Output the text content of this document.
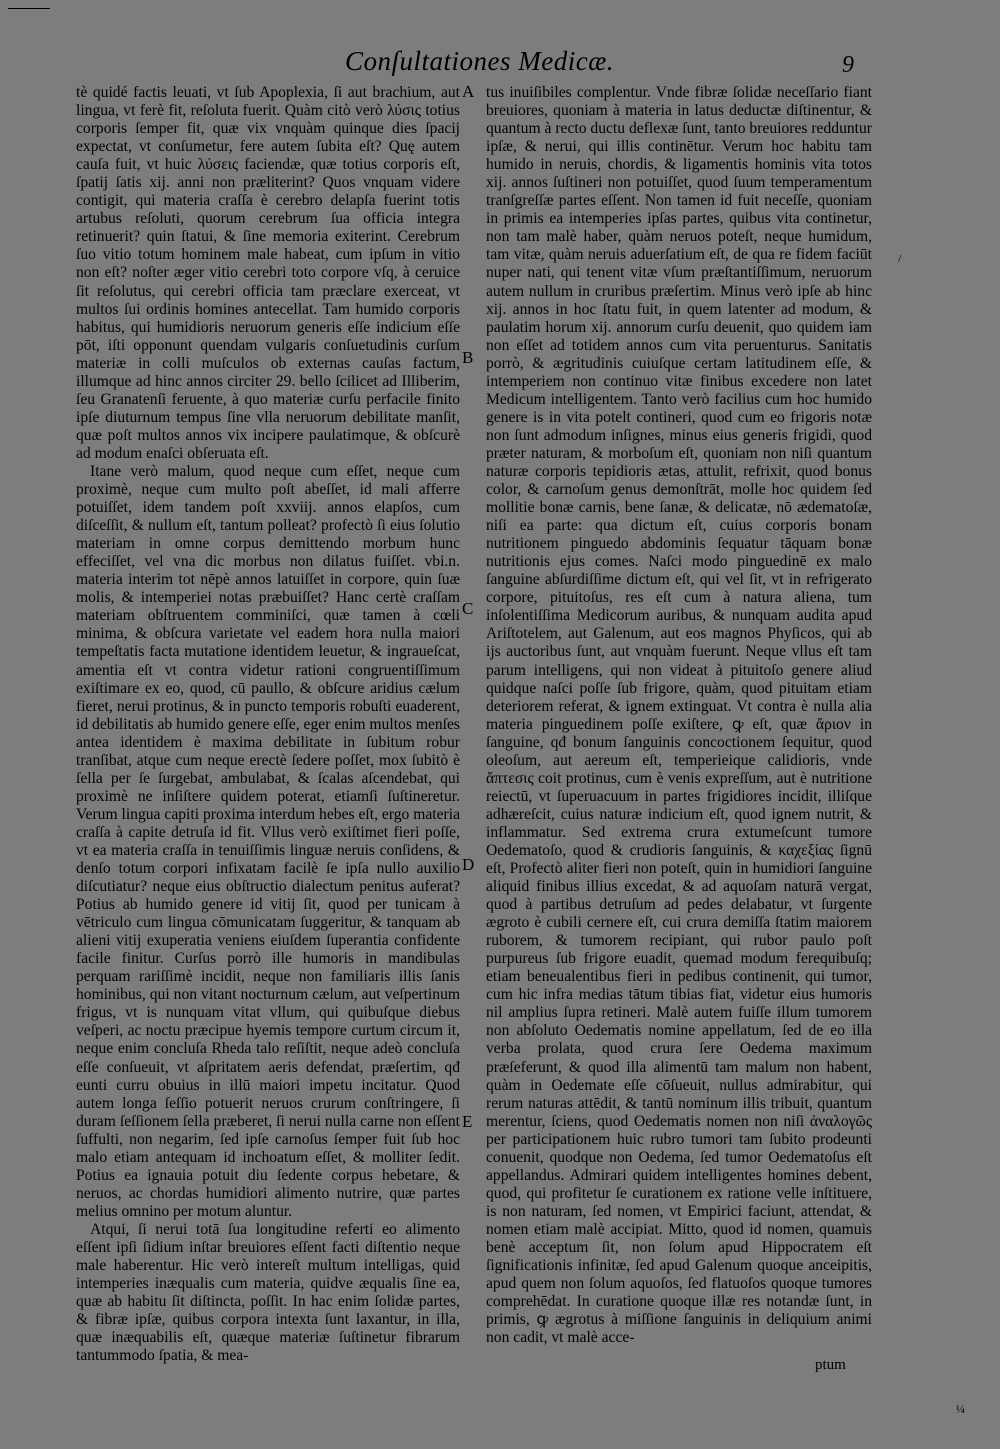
Conſultationes Medicæ.	9

tè quidé factis leuati, vt ſub Apoplexia, ſi aut brachium, aut lingua, vt ferè fit, reſoluta fuerit. Quàm citò verò λύσις totius corporis ſemper fit, quæ vix vnquàm quinque dies ſpacij expectat, vt conſumetur, fere autem ſubita eſt? Quę autem cauſa fuit, vt huic λύσεις faciendæ, quæ totius corporis eſt, ſpatij ſatis xij. anni non præliterint? Quos vnquam videre contigit, qui materia craſſa è cerebro delapſa fuerint totis artubus reſoluti, quorum cerebrum ſua officia integra retinuerit? quin ſtatui, & ſine memoria exiterint. Cerebrum ſuo vitio totum hominem male habeat, cum ipſum in vitio non eſt? noſter æger vitio cerebri toto corpore vſq, à ceruice ſit reſolutus, qui cerebri officia tam præclare exerceat, vt multos ſui ordinis homines antecellat. Tam humido corporis habitus, qui humidioris neruorum generis eſſe indicium eſſe pōt, iſti opponunt quendam vulgaris conſuetudinis curſum materiæ in colli muſculos ob externas cauſas factum, illumque ad hinc annos circiter 29. bello ſcilicet ad Illiberim, ſeu Granatenſi feruente, à quo materiæ curſu perfacile finito ipſe diuturnum tempus ſine vlla neruorum debilitate manſit, quæ poſt multos annos vix incipere paulatimque, & obſcurè ad modum enaſci obſeruata eſt.

Itane verò malum, quod neque cum eſſet, neque cum proximè, neque cum multo poſt abeſſet, id mali afferre potuiſſet, idem tandem poſt xxviij. annos elapſos, cum diſceſſit, & nullum eſt, tantum polleat? profectò ſi eius ſolutio materiam in omne corpus demittendo morbum hunc effeciſſet, vel vna dic morbus non dilatus fuiſſet. vbi.n. materia interim tot nēpè annos latuiſſet in corpore, quin ſuæ molis, & intemperiei notas præbuiſſet? Hanc certè craſſam materiam obſtruentem comminiſci, quæ tamen à cœli minima, & obſcura varietate vel eadem hora nulla maiori tempeſtatis facta mutatione identidem leuetur, & ingraueſcat, amentia eſt vt contra videtur rationi congruentiſſimum exiſtimare ex eo, quod, cū paullo, & obſcure aridius cælum fieret, nerui protinus, & in puncto temporis robuſti euaderent, id debilitatis ab humido genere eſſe, eger enim multos menſes antea identidem è maxima debilitate in ſubitum robur tranſibat, atque cum neque erectè ſedere poſſet, mox ſubitò è ſella per ſe ſurgebat, ambulabat, & ſcalas aſcendebat, qui proximè ne inſiſtere quidem poterat, etiamſi ſuſtineretur. Verum lingua capiti proxima interdum hebes eſt, ergo materia craſſa à capite detruſa id fit. Vllus verò exiſtimet fieri poſſe, vt ea materia craſſa in tenuiſſimis linguæ neruis conſidens, & denſo totum corpori infixatam facilè ſe ipſa nullo auxilio diſcutiatur? neque eius obſtructio dialectum penitus auferat? Potius ab humido genere id vitij ſit, quod per tunicam à vētriculo cum lingua cōmunicatam ſuggeritur, & tanquam ab alieni vitij exuperatia veniens eiuſdem ſuperantia confidente facile finitur. Curſus porrò ille humoris in mandibulas perquam rariſſimè incidit, neque non familiaris illis ſanis hominibus, qui non vitant nocturnum cælum, aut veſpertinum frigus, vt is nunquam vitat vllum, qui quibuſque diebus veſperi, ac noctu præcipue hyemis tempore curtum circum it, neque enim concluſa Rheda talo reſiſtit, neque adeò concluſa eſſe conſueuit, vt aſpritatem aeris defendat, præſertim, qđ eunti curru obuius in illū maiori impetu incitatur. Quod autem longa ſeſſio potuerit neruos crurum conſtringere, ſi duram ſeſſionem ſella præberet, ſi nerui nulla carne non eſſent ſuffulti, non negarim, ſed ipſe carnoſus ſemper fuit ſub hoc malo etiam antequam id inchoatum eſſet, & molliter ſedit. Potius ea ignauia potuit diu ſedente corpus hebetare, & neruos, ac chordas humidiori alimento nutrire, quæ partes melius omnino per motum aluntur.

Atqui, ſi nerui totā ſua longitudine referti eo alimento eſſent ipſi ſidium inſtar breuiores eſſent facti diſtentio neque male haberentur. Hic verò intereſt multum intelligas, quid intemperies inæqualis cum materia, quidve æqualis ſine ea, quæ ab habitu ſit diſtincta, poſſit. In hac enim ſolidæ partes, & fibræ ipſæ, quibus corpora intexta ſunt laxantur, in illa, quæ inæquabilis eſt, quæque materiæ ſuſtinetur fibrarum tantummodo ſpatia, & mea-

A
B
C
D
E

tus inuiſibiles complentur. Vnde fibræ ſolidæ neceſſario fiant breuiores, quoniam à materia in latus deductæ diſtinentur, & quantum à recto ductu deflexæ ſunt, tanto breuiores redduntur ipſæ, & nerui, qui illis continētur. Verum hoc habitu tam humido in neruis, chordis, & ligamentis hominis vita totos xij. annos ſuſtineri non potuiſſet, quod ſuum temperamentum tranſgreſſæ partes eſſent. Non tamen id fuit neceſſe, quoniam in primis ea intemperies ipſas partes, quibus vita continetur, non tam malè haber, quàm neruos poteſt, neque humidum, tam vitæ, quàm neruis aduerſatium eſt, de qua re fidem faciūt nuper nati, qui tenent vitæ vſum præſtantiſſimum, neruorum autem nullum in cruribus præſertim. Minus verò ipſe ab hinc xij. annos in hoc ſtatu fuit, in quem latenter ad modum, & paulatim horum xij. annorum curſu deuenit, quo quidem iam non eſſet ad totidem annos cum vita peruenturus. Sanitatis porrò, & ægritudinis cuiuſque certam latitudinem eſſe, & intemperiem non continuo vitæ finibus excedere non latet Medicum intelligentem. Tanto verò facilius cum hoc humido genere is in vita potelt contineri, quod cum eo frigoris notæ non ſunt admodum inſignes, minus eius generis frigidi, quod præter naturam, & morboſum eſt, quoniam non niſi quantum naturæ corporis tepidioris ætas, attulit, refrixit, quod bonus color, & carnoſum genus demonſtrāt, molle hoc quidem ſed mollitie bonæ carnis, bene ſanæ, & delicatæ, nō ædematoſæ, niſi ea parte: qua dictum eſt, cuius corporis bonam nutritionem pinguedo abdominis ſequatur tāquam bonæ nutritionis ejus comes. Naſci modo pinguedinē ex malo ſanguine abſurdiſſime dictum eſt, qui vel ſit, vt in refrigerato corpore, pituitoſus, res eſt cum à natura aliena, tum inſolentiſſima Medicorum auribus, & nunquam audita apud Ariſtotelem, aut Galenum, aut eos magnos Phyſicos, qui ab ijs auctoribus ſunt, aut vnquàm fuerunt. Neque vllus eſt tam parum intelligens, qui non videat à pituitoſo genere aliud quidque naſci poſſe ſub frigore, quàm, quod pituitam etiam deteriorem referat, & ignem extinguat. Vt contra è nulla alia materia pinguedinem poſſe exiſtere, ꝙ eſt, quæ ἄριον in ſanguine, qđ bonum ſanguinis concoctionem ſequitur, quod oleoſum, aut aereum eſt, temperieique calidioris, vnde ἄπτεσις coit protinus, cum è venis expreſſum, aut è nutritione reiectū, vt ſuperuacuum in partes frigidiores incidit, illiſque adhæreſcit, cuius naturæ indicium eſt, quod ignem nutrit, & inflammatur. Sed extrema crura extumeſcunt tumore Oedematoſo, quod & crudioris ſanguinis, & καχεξίας ſignū eſt, Profectò aliter fieri non poteſt, quin in humidiori ſanguine aliquid finibus illius excedat, & ad aquoſam naturā vergat, quod à partibus detruſum ad pedes delabatur, vt ſurgente ægroto è cubili cernere eſt, cui crura demiſſa ſtatim maiorem ruborem, & tumorem recipiant, qui rubor paulo poſt purpureus ſub frigore euadit, quemad modum ferequibuſq; etiam beneualentibus fieri in pedibus continenit, qui tumor, cum hic infra medias tātum tibias fiat, videtur eius humoris nil amplius ſupra retineri. Malè autem fuiſſe illum tumorem non abſoluto Oedematis nomine appellatum, ſed de eo illa verba prolata, quod crura ſere Oedema maximum præſeferunt, & quod illa alimentū tam malum non habent, quàm in Oedemate eſſe cōſueuit, nullus admirabitur, qui rerum naturas attēdit, & tantū nominum illis tribuit, quantum merentur, ſciens, quod Oedematis nomen non niſi ἀναλογῶς per participationem huic rubro tumori tam ſubito prodeunti conuenit, quodque non Oedema, ſed tumor Oedematoſus eſt appellandus. Admirari quidem intelligentes homines debent, quod, qui profitetur ſe curationem ex ratione velle inſtituere, is non naturam, ſed nomen, vt Empirici faciunt, attendat, & nomen etiam malè accipiat. Mitto, quod id nomen, quamuis benè acceptum ſit, non ſolum apud Hippocratem eſt ſignificationis infinitæ, ſed apud Galenum quoque anceipitis, apud quem non ſolum aquoſos, ſed flatuoſos quoque tumores comprehēdat. In curatione quoque illæ res notandæ ſunt, in primis, ꝙ ægrotus à miſſione ſanguinis in deliquium animi non cadit, vt malè acce-

ptum
/
¼
